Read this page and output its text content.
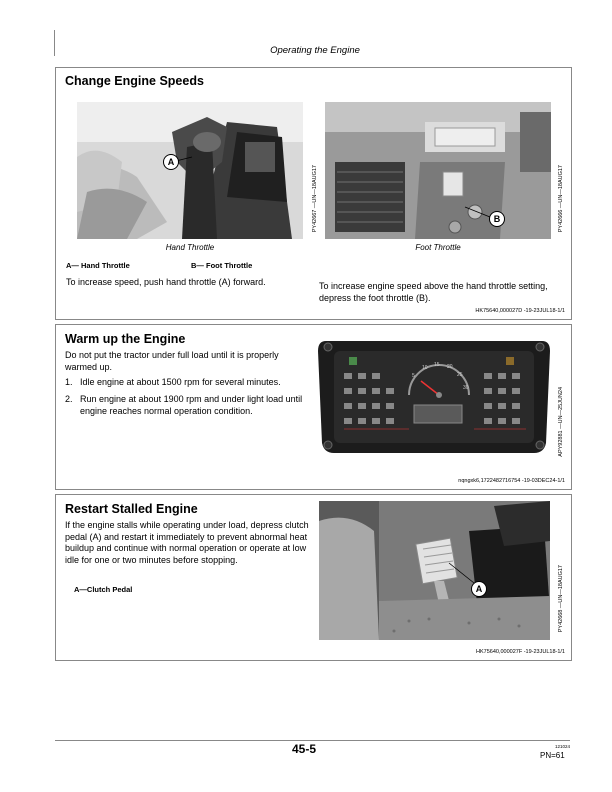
Operating the Engine
Change Engine Speeds
A
PY42667 —UN—18AUG17
Hand Throttle
B	PY42666 —UN—18AUG17
Foot Throttle
A— Hand Throttle	B— Foot Throttle
To increase speed, push hand throttle (A) forward.	To increase engine speed above the hand throttle setting, depress the foot throttle (B).
HK75640,000027D -19-23JUL18-1/1
Warm up the Engine
Do not put the tractor under full load until it is properly warmed up.
1. Idle engine at about 1500 rpm for several minutes.
2. Run engine at about 1900 rpm and under light load until engine reaches normal operation condition.
5
10 15 20
25
30	APY92881 —UN—25JUN24
nqngxk6,1722482716754 -19-03DEC24-1/1
Restart Stalled Engine
If the engine stalls while operating under load, depress clutch pedal (A) and restart it immediately to prevent abnormal heat buildup and continue with normal operation or operate at low idle for one or two minutes before stopping.
A—Clutch Pedal	A	PY42668 —UN—18AUG17
HK75640,000027F -19-23JUL18-1/1
45-5	121024
PN=61
